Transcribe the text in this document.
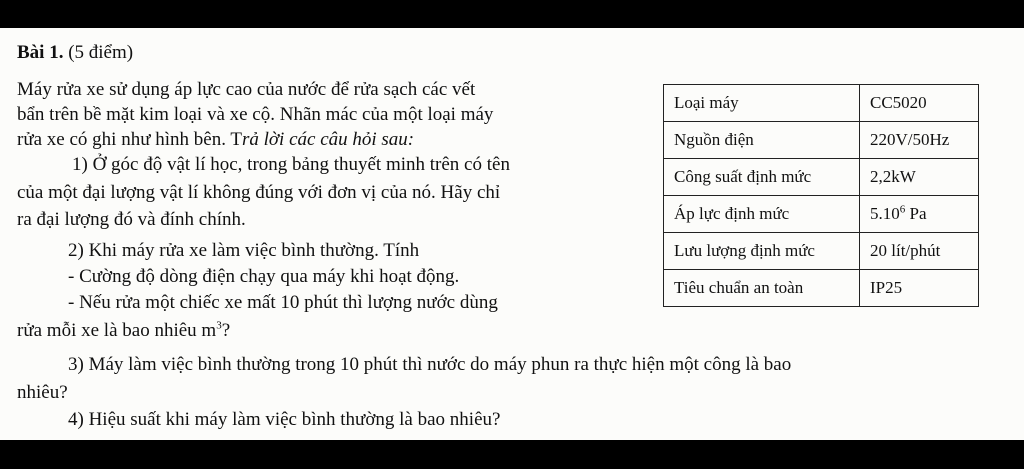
Bài 1. (5 điểm)
Máy rửa xe sử dụng áp lực cao của nước để rửa sạch các vết
bẩn trên bề mặt kim loại và xe cộ. Nhãn mác của một loại máy
rửa xe có ghi như hình bên. Trả lời các câu hỏi sau:
1) Ở góc độ vật lí học, trong bảng thuyết minh trên có tên
của một đại lượng vật lí không đúng với đơn vị của nó. Hãy chỉ
ra đại lượng đó và đính chính.
2) Khi máy rửa xe làm việc bình thường. Tính
- Cường độ dòng điện chạy qua máy khi hoạt động.
- Nếu rửa một chiếc xe mất 10 phút thì lượng nước dùng
rửa mỗi xe là bao nhiêu $m^3$?
3) Máy làm việc bình thường trong 10 phút thì nước do máy phun ra thực hiện một công là bao
nhiêu?
4) Hiệu suất khi máy làm việc bình thường là bao nhiêu?
Loại máy	CC5020
Nguồn điện	220V/50Hz
Công suất định mức	2,2kW
Áp lực định mức	5.10$^6$ Pa
Lưu lượng định mức	20 lít/phút
Tiêu chuẩn an toàn	IP25
